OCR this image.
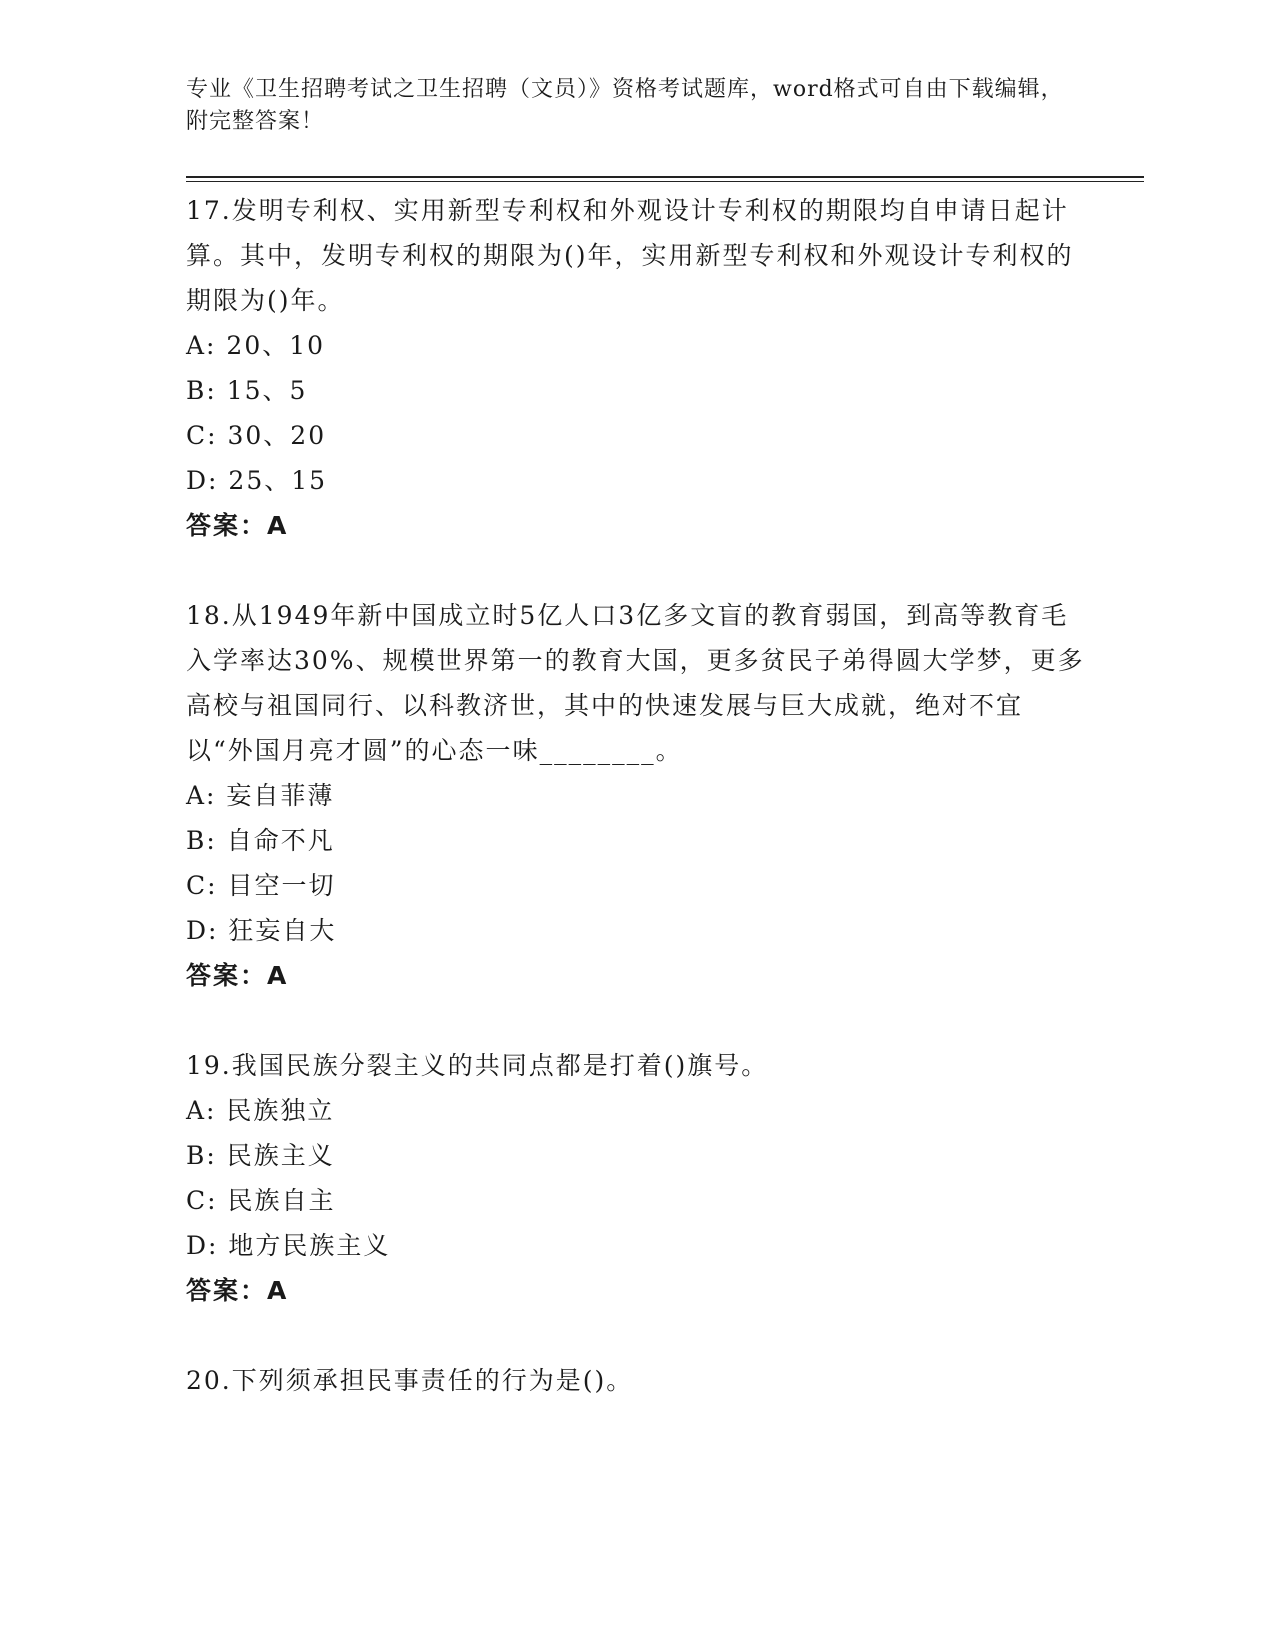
专业《卫生招聘考试之卫生招聘（文员）》资格考试题库，word格式可自由下载编辑，附完整答案！

17.发明专利权、实用新型专利权和外观设计专利权的期限均自申请日起计算。其中，发明专利权的期限为()年，实用新型专利权和外观设计专利权的期限为()年。

A: 20、10

B: 15、5

C: 30、20

D: 25、15

答案：A

18.从1949年新中国成立时5亿人口3亿多文盲的教育弱国，到高等教育毛入学率达30%、规模世界第一的教育大国，更多贫民子弟得圆大学梦，更多高校与祖国同行、以科教济世，其中的快速发展与巨大成就，绝对不宜以“外国月亮才圆”的心态一味________。

A: 妄自菲薄

B: 自命不凡

C: 目空一切

D: 狂妄自大

答案：A

19.我国民族分裂主义的共同点都是打着()旗号。

A: 民族独立

B: 民族主义

C: 民族自主

D: 地方民族主义

答案：A

20.下列须承担民事责任的行为是()。
